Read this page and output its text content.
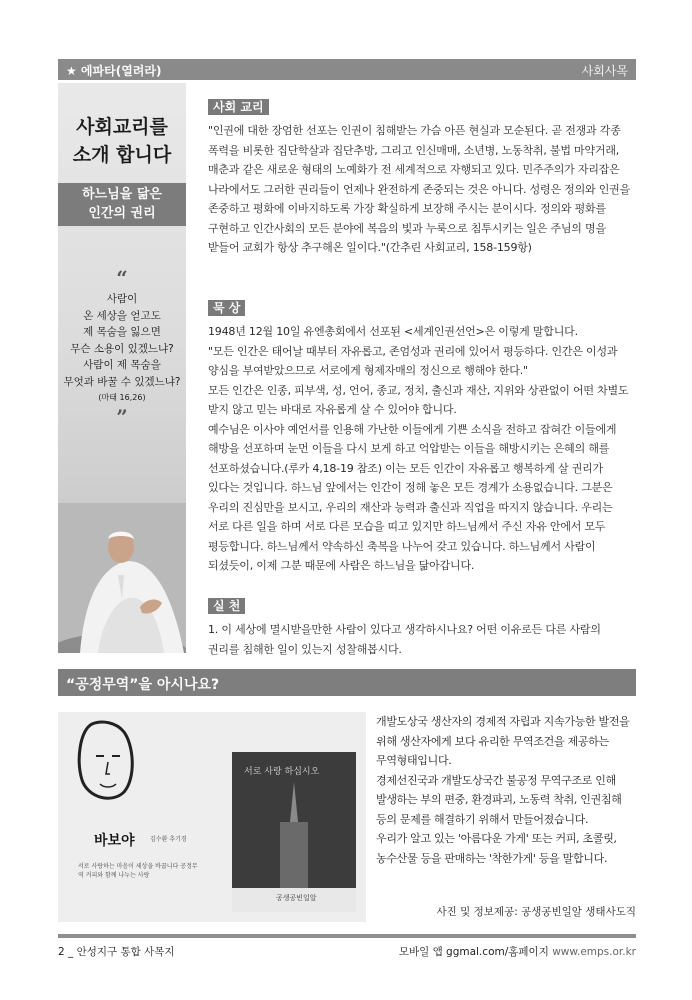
★ 에파타(열려라)	사회사목
사회교리를
소개 합니다
하느님을 닮은
인간의 권리
“
사람이
온 세상을 얻고도
제 목숨을 잃으면
무슨 소용이 있겠느냐?
사람이 제 목숨을
무엇과 바꿀 수 있겠느냐?
(마태 16,26)
”
사회 교리
"인권에 대한 장엄한 선포는 인권이 침해받는 가슴 아픈 현실과 모순된다. 곧 전쟁과 각종 폭력을 비롯한 집단학살과 집단추방, 그리고 인신매매, 소년병, 노동착취, 불법 마약거래, 매춘과 같은 새로운 형태의 노예화가 전 세계적으로 자행되고 있다. 민주주의가 자리잡은 나라에서도 그러한 권리들이 언제나 완전하게 존중되는 것은 아니다. 성령은 정의와 인권을 존중하고 평화에 이바지하도록 가장 확실하게 보장해 주시는 분이시다. 정의와 평화를 구현하고 인간사회의 모든 분야에 복음의 빛과 누룩으로 침투시키는 일은 주님의 명을 받들어 교회가 항상 추구해온 일이다."(간추린 사회교리, 158-159항)
묵 상
1948년 12월 10일 유엔총회에서 선포된 <세계인권선언>은 이렇게 말합니다.
"모든 인간은 태어날 때부터 자유롭고, 존엄성과 권리에 있어서 평등하다. 인간은 이성과 양심을 부여받았으므로 서로에게 형제자매의 정신으로 행해야 한다."
모든 인간은 인종, 피부색, 성, 언어, 종교, 정치, 출신과 재산, 지위와 상관없이 어떤 차별도 받지 않고 믿는 바대로 자유롭게 살 수 있어야 합니다.
예수님은 이사야 예언서를 인용해 가난한 이들에게 기쁜 소식을 전하고 잡혀간 이들에게 해방을 선포하며 눈먼 이들을 다시 보게 하고 억압받는 이들을 해방시키는 은혜의 해를 선포하셨습니다.(루카 4,18-19 참조) 이는 모든 인간이 자유롭고 행복하게 살 권리가 있다는 것입니다. 하느님 앞에서는 인간이 정해 놓은 모든 경계가 소용없습니다. 그분은 우리의 진심만을 보시고, 우리의 재산과 능력과 출신과 직업을 따지지 않습니다. 우리는 서로 다른 일을 하며 서로 다른 모습을 띠고 있지만 하느님께서 주신 자유 안에서 모두 평등합니다. 하느님께서 약속하신 축복을 나누어 갖고 있습니다. 하느님께서 사람이 되셨듯이, 이제 그분 때문에 사람은 하느님을 닮아갑니다.
실 천
1. 이 세상에 멸시받을만한 사람이 있다고 생각하시나요? 어떤 이유로든 다른 사람의 권리를 침해한 일이 있는지 성찰해봅시다.
“공정무역”을 아시나요?
바보야	김수환 추기경
서로 사랑하는 마음이 세상을 바꿉니다 공정무역 커피와 함께 나누는 사랑
서로 사랑 하십시오
공생공빈일알
개발도상국 생산자의 경제적 자립과 지속가능한 발전을 위해 생산자에게 보다 유리한 무역조건을 제공하는 무역형태입니다.
경제선진국과 개발도상국간 불공정 무역구조로 인해 발생하는 부의 편중, 환경파괴, 노동력 착취, 인권침해 등의 문제를 해결하기 위해서 만들어졌습니다.
우리가 알고 있는 '아름다운 가게' 또는 커피, 초콜릿, 농수산물 등을 판매하는 '착한가게' 등을 말합니다.
사진 및 정보제공: 공생공빈일알 생태사도직
2 _ 안성지구 통합 사목지	모바일 앱 ggmal.com/홈페이지 www.emps.or.kr
